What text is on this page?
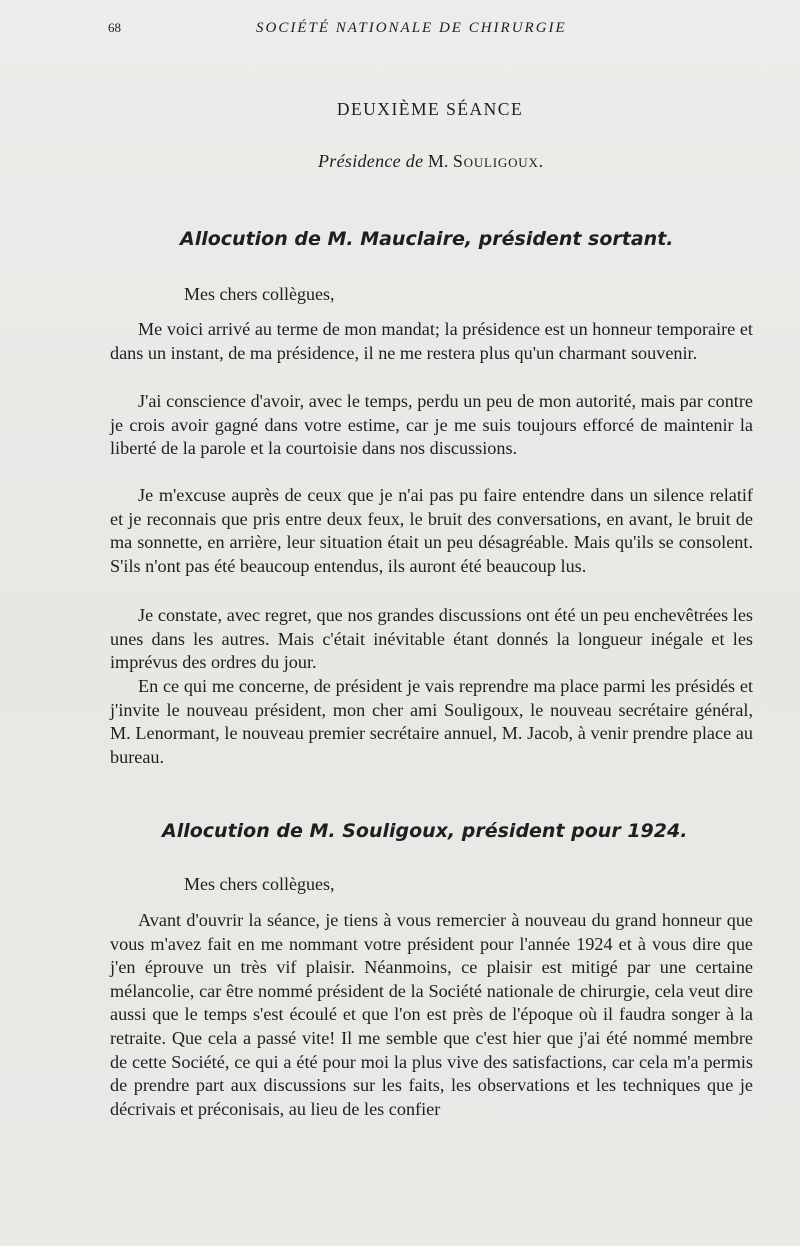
68	SOCIÉTÉ NATIONALE DE CHIRURGIE
DEUXIÈME SÉANCE
Présidence de M. Souligoux.
Allocution de M. Mauclaire, président sortant.
Mes chers collègues,

Me voici arrivé au terme de mon mandat; la présidence est un honneur temporaire et dans un instant, de ma présidence, il ne me restera plus qu'un charmant souvenir.

J'ai conscience d'avoir, avec le temps, perdu un peu de mon autorité, mais par contre je crois avoir gagné dans votre estime, car je me suis toujours efforcé de maintenir la liberté de la parole et la courtoisie dans nos discussions.

Je m'excuse auprès de ceux que je n'ai pas pu faire entendre dans un silence relatif et je reconnais que pris entre deux feux, le bruit des conversations, en avant, le bruit de ma sonnette, en arrière, leur situation était un peu désagréable. Mais qu'ils se consolent. S'ils n'ont pas été beaucoup entendus, ils auront été beaucoup lus.

Je constate, avec regret, que nos grandes discussions ont été un peu enchevêtrées les unes dans les autres. Mais c'était inévitable étant donnés la longueur inégale et les imprévus des ordres du jour.

En ce qui me concerne, de président je vais reprendre ma place parmi les présidés et j'invite le nouveau président, mon cher ami Souligoux, le nouveau secrétaire général, M. Lenormant, le nouveau premier secrétaire annuel, M. Jacob, à venir prendre place au bureau.

Allocution de M. Souligoux, président pour 1924.
Mes chers collègues,

Avant d'ouvrir la séance, je tiens à vous remercier à nouveau du grand honneur que vous m'avez fait en me nommant votre président pour l'année 1924 et à vous dire que j'en éprouve un très vif plaisir. Néanmoins, ce plaisir est mitigé par une certaine mélancolie, car être nommé président de la Société nationale de chirurgie, cela veut dire aussi que le temps s'est écoulé et que l'on est près de l'époque où il faudra songer à la retraite. Que cela a passé vite! Il me semble que c'est hier que j'ai été nommé membre de cette Société, ce qui a été pour moi la plus vive des satisfactions, car cela m'a permis de prendre part aux discussions sur les faits, les observations et les techniques que je décrivais et préconisais, au lieu de les confier
